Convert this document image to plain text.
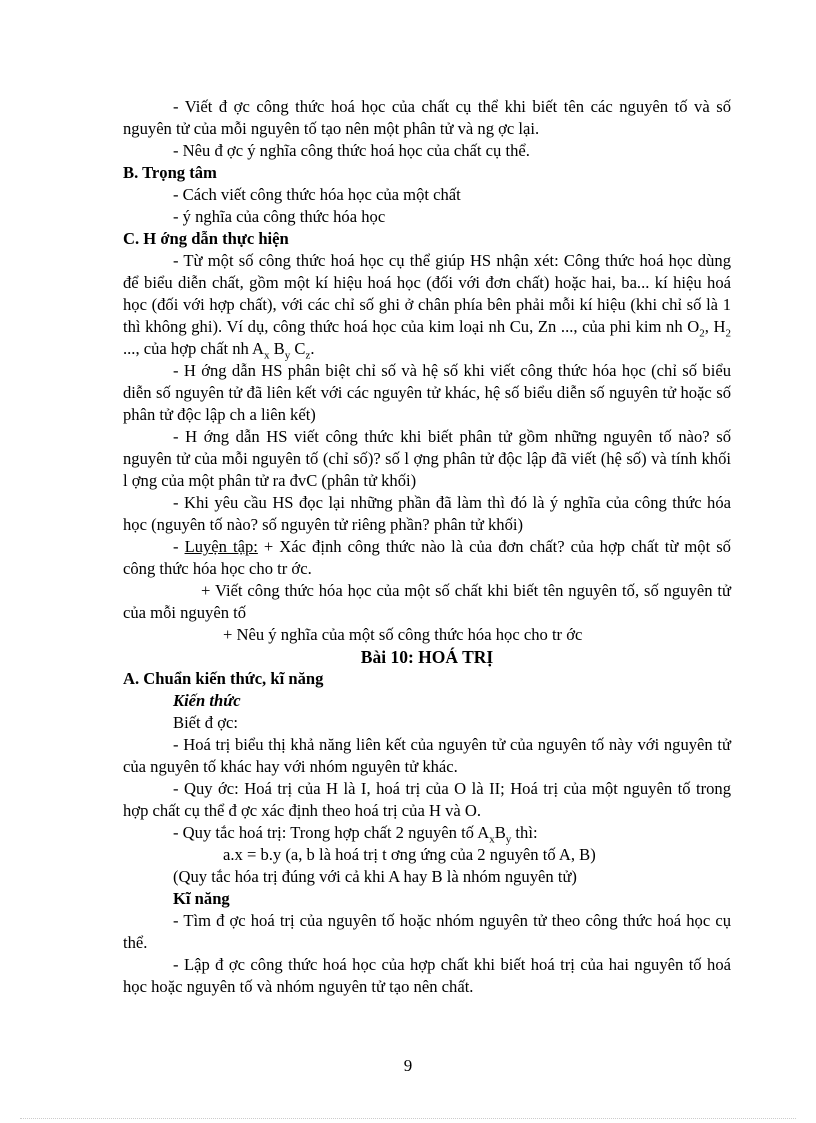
- Viết đ ợc công thức hoá học của chất cụ thể khi biết tên các nguyên tố và số nguyên tử của mỗi nguyên tố tạo nên một phân tử và ng ợc lại.

- Nêu đ ợc ý nghĩa công thức hoá học của chất cụ thể.

B. Trọng tâm

- Cách viết công thức hóa học của một chất

- ý nghĩa của công thức hóa học

C. H ớng dẫn thực hiện

- Từ một số công thức hoá học cụ thể giúp HS nhận xét: Công thức hoá học dùng để biểu diễn chất, gồm một kí hiệu hoá học (đối với đơn chất) hoặc hai, ba... kí hiệu hoá học (đối với hợp chất), với các chỉ số ghi ở chân phía bên phải mỗi kí hiệu (khi chỉ số là 1 thì không ghi). Ví dụ, công thức hoá học của kim loại nh Cu, Zn ..., của phi kim nh $O_2$, $H_2$ ..., của hợp chất nh $A_x$ $B_y$ $C_z$.

- H ớng dẫn HS phân biệt chỉ số và hệ số khi viết công thức hóa học (chỉ số biểu diễn số nguyên tử đã liên kết với các nguyên tử khác, hệ số biểu diễn số nguyên tử hoặc số phân tử độc lập ch a liên kết)

- H ớng dẫn HS viết công thức khi biết phân tử gồm những nguyên tố nào? số nguyên tử của mỗi nguyên tố (chỉ số)? số l ợng phân tử độc lập đã viết (hệ số) và tính khối l ợng của một phân tử ra đvC (phân tử khối)

- Khi yêu cầu HS đọc lại những phần đã làm thì đó là ý nghĩa của công thức hóa học (nguyên tố nào? số nguyên tử riêng phần? phân tử khối)

- Luyện tập: + Xác định công thức nào là của đơn chất? của hợp chất từ một số công thức hóa học cho tr ớc.

+ Viết công thức hóa học của một số chất khi biết tên nguyên tố, số nguyên tử của mỗi nguyên tố

+ Nêu ý nghĩa của một số công thức hóa học cho tr ớc

Bài 10: HOÁ TRỊ

A. Chuẩn kiến thức, kĩ năng

Kiến thức

Biết đ ợc:

- Hoá trị biểu thị khả năng liên kết của nguyên tử của nguyên tố này với nguyên tử của nguyên tố khác hay với nhóm nguyên tử khác.

- Quy ớc: Hoá trị của H là I, hoá trị của O là II; Hoá trị của một nguyên tố trong hợp chất cụ thể đ ợc xác định theo hoá trị của H và O.

- Quy tắc hoá trị: Trong hợp chất 2 nguyên tố $A_xB_y$ thì:

a.x = b.y (a, b là hoá trị t ơng ứng của 2 nguyên tố A, B)

(Quy tắc hóa trị đúng với cả khi A hay B là nhóm nguyên tử)

Kĩ năng

- Tìm đ ợc hoá trị của nguyên tố hoặc nhóm nguyên tử theo công thức hoá học cụ thể.

- Lập đ ợc công thức hoá học của hợp chất khi biết hoá trị của hai nguyên tố hoá học hoặc nguyên tố và nhóm nguyên tử tạo nên chất.

9
